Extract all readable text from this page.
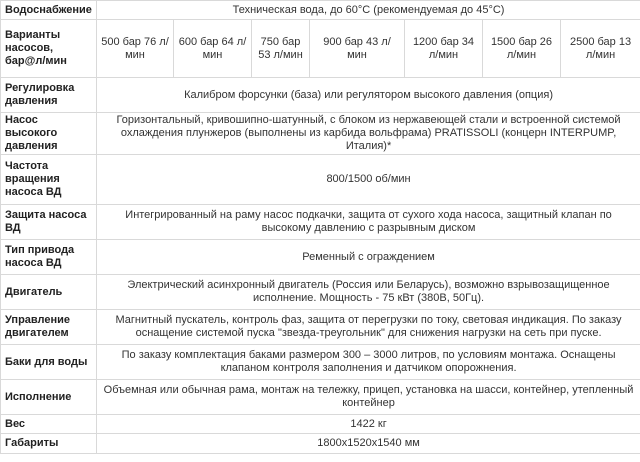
Водоснабжение	Техническая вода, до 60°С (рекомендуемая до 45°С)						
Варианты насосов, бар@л/мин	500 бар 76 л/мин	600 бар 64 л/мин	750 бар 53 л/мин	900 бар 43 л/мин	1200 бар 34 л/мин	1500 бар 26 л/мин	2500 бар 13 л/мин
Регулировка давления	Калибром форсунки (база) или регулятором высокого давления (опция)						
Насос высокого давления	Горизонтальный, кривошипно-шатунный, с блоком из нержавеющей стали и встроенной системой охлаждения плунжеров (выполнены из карбида вольфрама) PRATISSOLI (концерн INTERPUMP, Италия)*						
Частота вращения насоса ВД	800/1500 об/мин						
Защита насоса ВД	Интегрированный на раму насос подкачки, защита от сухого хода насоса, защитный клапан по высокому давлению с разрывным диском						
Тип привода насоса ВД	Ременный с ограждением						
Двигатель	Электрический асинхронный двигатель (Россия или Беларусь), возможно взрывозащищенное исполнение. Мощность - 75 кВт (380В, 50Гц).						
Управление двигателем	Магнитный пускатель, контроль фаз, защита от перегрузки по току, световая индикация. По заказу оснащение системой пуска "звезда-треугольник" для снижения нагрузки на сеть при пуске.						
Баки для воды	По заказу комплектация баками размером 300 – 3000 литров, по условиям монтажа. Оснащены клапаном контроля заполнения и датчиком опорожнения.						
Исполнение	Объемная или обычная рама, монтаж на тележку, прицеп, установка на шасси, контейнер, утепленный контейнер						
Вес	1422 кг						
Габариты	1800x1520x1540 мм						
